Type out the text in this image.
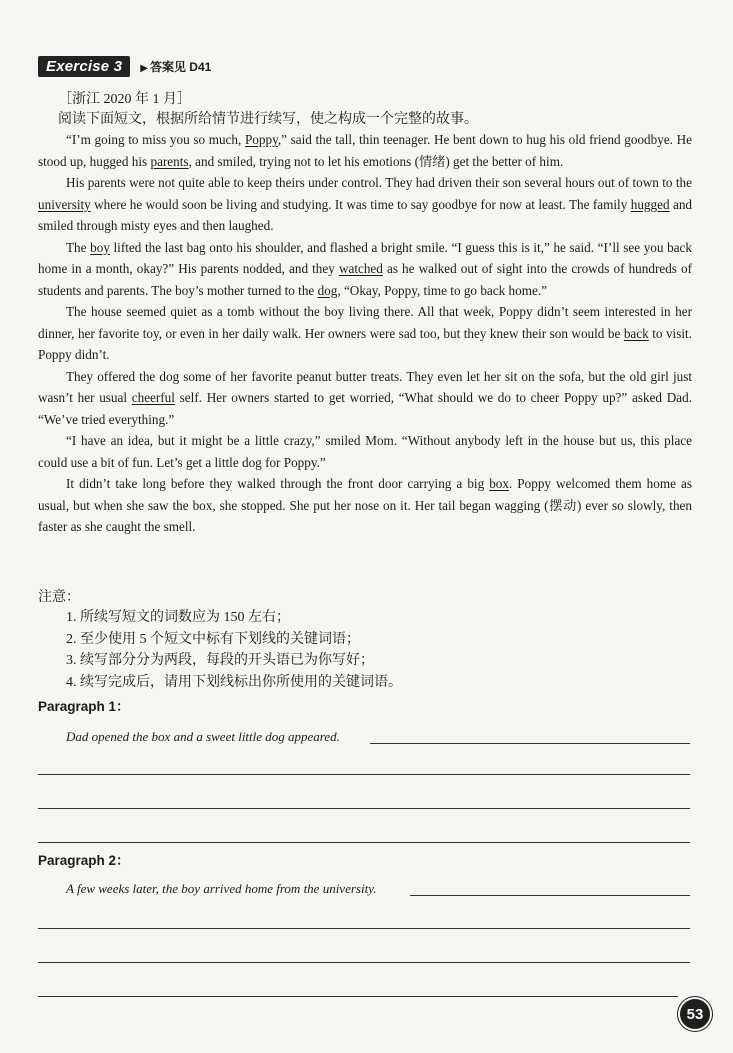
Exercise 3	▶ 答案见 D41
［浙江 2020 年 1 月］
阅读下面短文，根据所给情节进行续写，使之构成一个完整的故事。

“I’m going to miss you so much, Poppy,” said the tall, thin teenager. He bent down to hug his old friend goodbye. He stood up, hugged his parents, and smiled, trying not to let his emotions (情绪) get the better of him.

His parents were not quite able to keep theirs under control. They had driven their son several hours out of town to the university where he would soon be living and studying. It was time to say goodbye for now at least. The family hugged and smiled through misty eyes and then laughed.

The boy lifted the last bag onto his shoulder, and flashed a bright smile. “I guess this is it,” he said. “I’ll see you back home in a month, okay?” His parents nodded, and they watched as he walked out of sight into the crowds of hundreds of students and parents. The boy’s mother turned to the dog, “Okay, Poppy, time to go back home.”

The house seemed quiet as a tomb without the boy living there. All that week, Poppy didn’t seem interested in her dinner, her favorite toy, or even in her daily walk. Her owners were sad too, but they knew their son would be back to visit. Poppy didn’t.

They offered the dog some of her favorite peanut butter treats. They even let her sit on the sofa, but the old girl just wasn’t her usual cheerful self. Her owners started to get worried, “What should we do to cheer Poppy up?” asked Dad. “We’ve tried everything.”

“I have an idea, but it might be a little crazy,” smiled Mom. “Without anybody left in the house but us, this place could use a bit of fun. Let’s get a little dog for Poppy.”

It didn’t take long before they walked through the front door carrying a big box. Poppy welcomed them home as usual, but when she saw the box, she stopped. She put her nose on it. Her tail began wagging (摆动) ever so slowly, then faster as she caught the smell.

注意：
1. 所续写短文的词数应为 150 左右；
2. 至少使用 5 个短文中标有下划线的关键词语；
3. 续写部分分为两段，每段的开头语已为你写好；
4. 续写完成后，请用下划线标出你所使用的关键词语。
Paragraph 1：
Dad opened the box and a sweet little dog appeared.
Paragraph 2：
A few weeks later, the boy arrived home from the university.
53
